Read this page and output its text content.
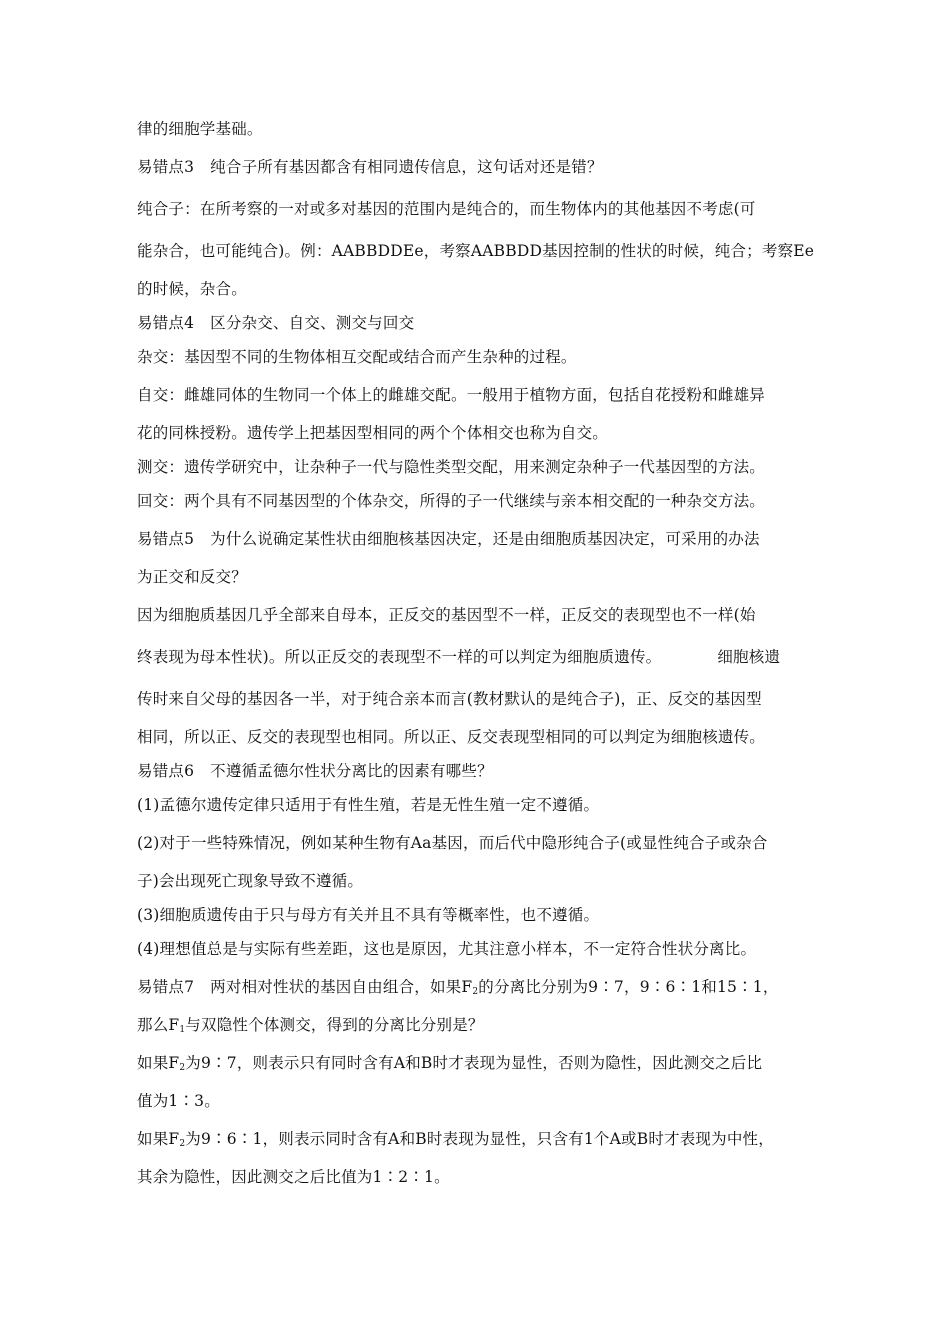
律的细胞学基础。

易错点3 纯合子所有基因都含有相同遗传信息，这句话对还是错？

纯合子：在所考察的一对或多对基因的范围内是纯合的，而生物体内的其他基因不考虑(可

能杂合，也可能纯合)。例：AABBDDEe，考察AABBDD基因控制的性状的时候，纯合；考察Ee

的时候，杂合。

易错点4 区分杂交、自交、测交与回交

杂交：基因型不同的生物体相互交配或结合而产生杂种的过程。

自交：雌雄同体的生物同一个体上的雌雄交配。一般用于植物方面，包括自花授粉和雌雄异

花的同株授粉。遗传学上把基因型相同的两个个体相交也称为自交。

测交：遗传学研究中，让杂种子一代与隐性类型交配，用来测定杂种子一代基因型的方法。

回交：两个具有不同基因型的个体杂交，所得的子一代继续与亲本相交配的一种杂交方法。

易错点5 为什么说确定某性状由细胞核基因决定，还是由细胞质基因决定，可采用的办法

为正交和反交？

因为细胞质基因几乎全部来自母本，正反交的基因型不一样，正反交的表现型也不一样(始

终表现为母本性状)。所以正反交的表现型不一样的可以判定为细胞质遗传。	细胞核遗

传时来自父母的基因各一半，对于纯合亲本而言(教材默认的是纯合子)，正、反交的基因型

相同，所以正、反交的表现型也相同。所以正、反交表现型相同的可以判定为细胞核遗传。

易错点6 不遵循孟德尔性状分离比的因素有哪些？

(1)孟德尔遗传定律只适用于有性生殖，若是无性生殖一定不遵循。

(2)对于一些特殊情况，例如某种生物有Aa基因，而后代中隐形纯合子(或显性纯合子或杂合

子)会出现死亡现象导致不遵循。

(3)细胞质遗传由于只与母方有关并且不具有等概率性，也不遵循。

(4)理想值总是与实际有些差距，这也是原因，尤其注意小样本，不一定符合性状分离比。

易错点7 两对相对性状的基因自由组合，如果$F_2$的分离比分别为9∶7，9∶6∶1和15∶1，

那么$F_1$与双隐性个体测交，得到的分离比分别是？

如果$F_2$为9∶7，则表示只有同时含有A和B时才表现为显性，否则为隐性，因此测交之后比

值为1∶3。

如果$F_2$为9∶6∶1，则表示同时含有A和B时表现为显性，只含有1个A或B时才表现为中性，

其余为隐性，因此测交之后比值为1∶2∶1。
